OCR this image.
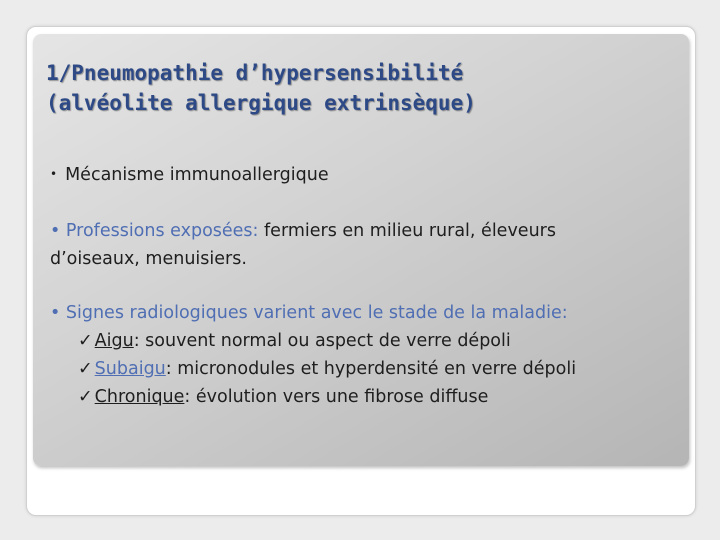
1/Pneumopathie d’hypersensibilité
(alvéolite allergique extrinsèque)

• Mécanisme immunoallergique

• Professions exposées: fermiers en milieu rural, éleveurs
d’oiseaux, menuisiers.

• Signes radiologiques varient avec le stade de la maladie:

✓ Aigu: souvent normal ou aspect de verre dépoli
✓ Subaigu: micronodules et hyperdensité en verre dépoli
✓ Chronique: évolution vers une fibrose diffuse
